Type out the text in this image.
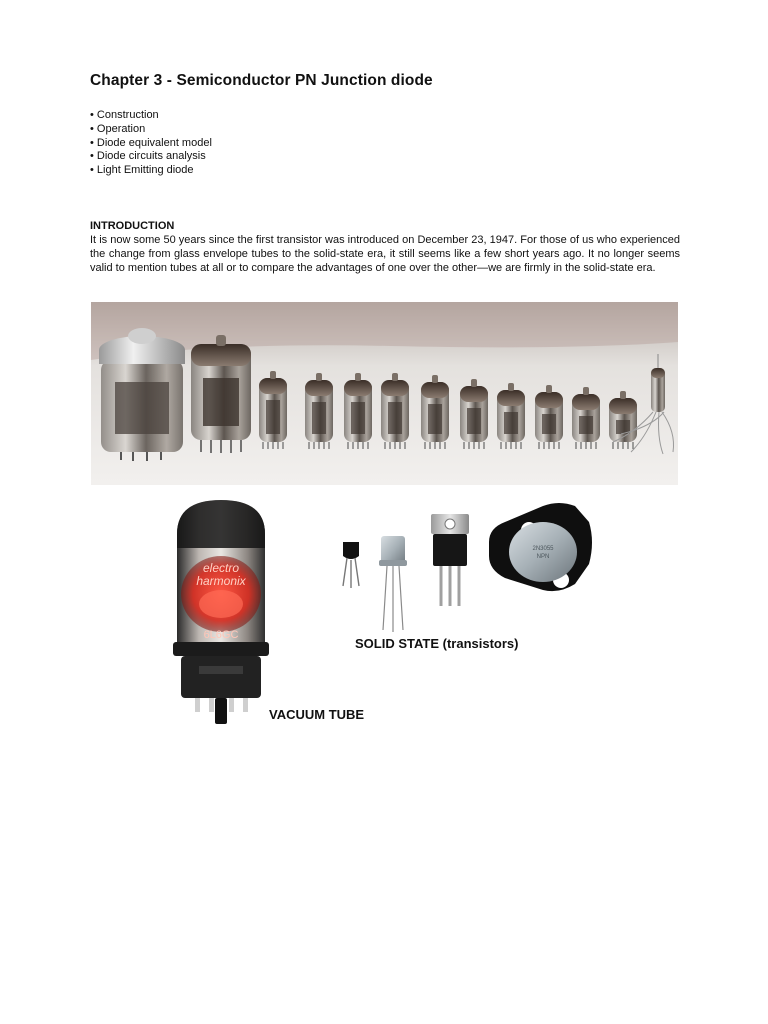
Chapter 3 - Semiconductor PN Junction diode
• Construction
• Operation
• Diode equivalent model
• Diode circuits analysis
• Light Emitting diode
INTRODUCTION

It is now some 50 years since the first transistor was introduced on December 23, 1947. For those of us who experienced the change from glass envelope tubes to the solid-state era, it still seems like a few short years ago. It no longer seems valid to mention tubes at all or to compare the advantages of one over the other—we are firmly in the solid-state era.

electro
harmonix
6L6GC
2N3055
NPN
SOLID STATE (transistors)
VACUUM TUBE
